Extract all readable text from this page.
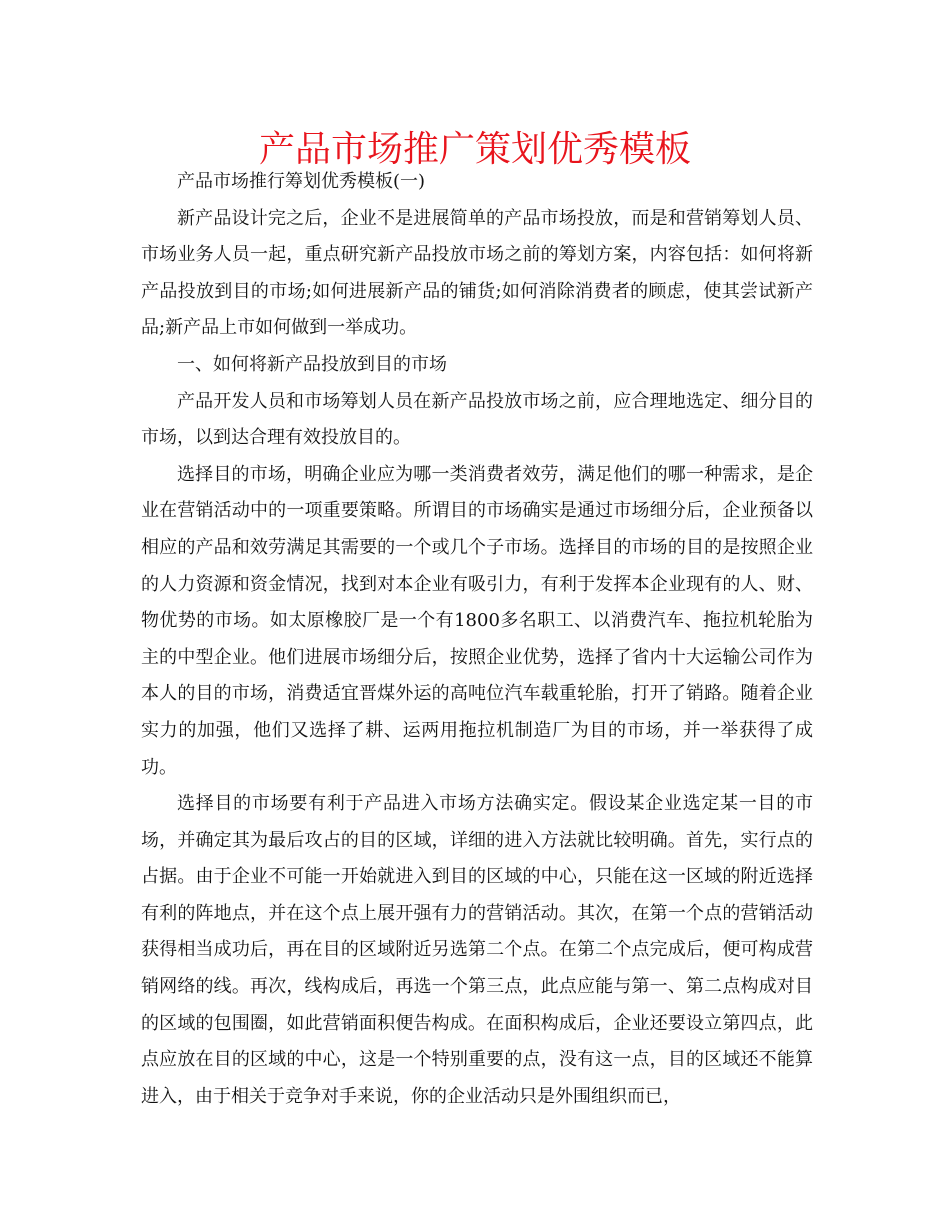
产品市场推广策划优秀模板

产品市场推行筹划优秀模板(一)

新产品设计完之后，企业不是进展简单的产品市场投放，而是和营销筹划人员、市场业务人员一起，重点研究新产品投放市场之前的筹划方案，内容包括：如何将新产品投放到目的市场;如何进展新产品的铺货;如何消除消费者的顾虑，使其尝试新产品;新产品上市如何做到一举成功。

一、如何将新产品投放到目的市场

产品开发人员和市场筹划人员在新产品投放市场之前，应合理地选定、细分目的市场，以到达合理有效投放目的。

选择目的市场，明确企业应为哪一类消费者效劳，满足他们的哪一种需求，是企业在营销活动中的一项重要策略。所谓目的市场确实是通过市场细分后，企业预备以相应的产品和效劳满足其需要的一个或几个子市场。选择目的市场的目的是按照企业的人力资源和资金情况，找到对本企业有吸引力，有利于发挥本企业现有的人、财、物优势的市场。如太原橡胶厂是一个有1800多名职工、以消费汽车、拖拉机轮胎为主的中型企业。他们进展市场细分后，按照企业优势，选择了省内十大运输公司作为本人的目的市场，消费适宜晋煤外运的高吨位汽车载重轮胎，打开了销路。随着企业实力的加强，他们又选择了耕、运两用拖拉机制造厂为目的市场，并一举获得了成功。

选择目的市场要有利于产品进入市场方法确实定。假设某企业选定某一目的市场，并确定其为最后攻占的目的区域，详细的进入方法就比较明确。首先，实行点的占据。由于企业不可能一开始就进入到目的区域的中心，只能在这一区域的附近选择有利的阵地点，并在这个点上展开强有力的营销活动。其次，在第一个点的营销活动获得相当成功后，再在目的区域附近另选第二个点。在第二个点完成后，便可构成营销网络的线。再次，线构成后，再选一个第三点，此点应能与第一、第二点构成对目的区域的包围圈，如此营销面积便告构成。在面积构成后，企业还要设立第四点，此点应放在目的区域的中心，这是一个特别重要的点，没有这一点，目的区域还不能算进入，由于相关于竞争对手来说，你的企业活动只是外围组织而已，
